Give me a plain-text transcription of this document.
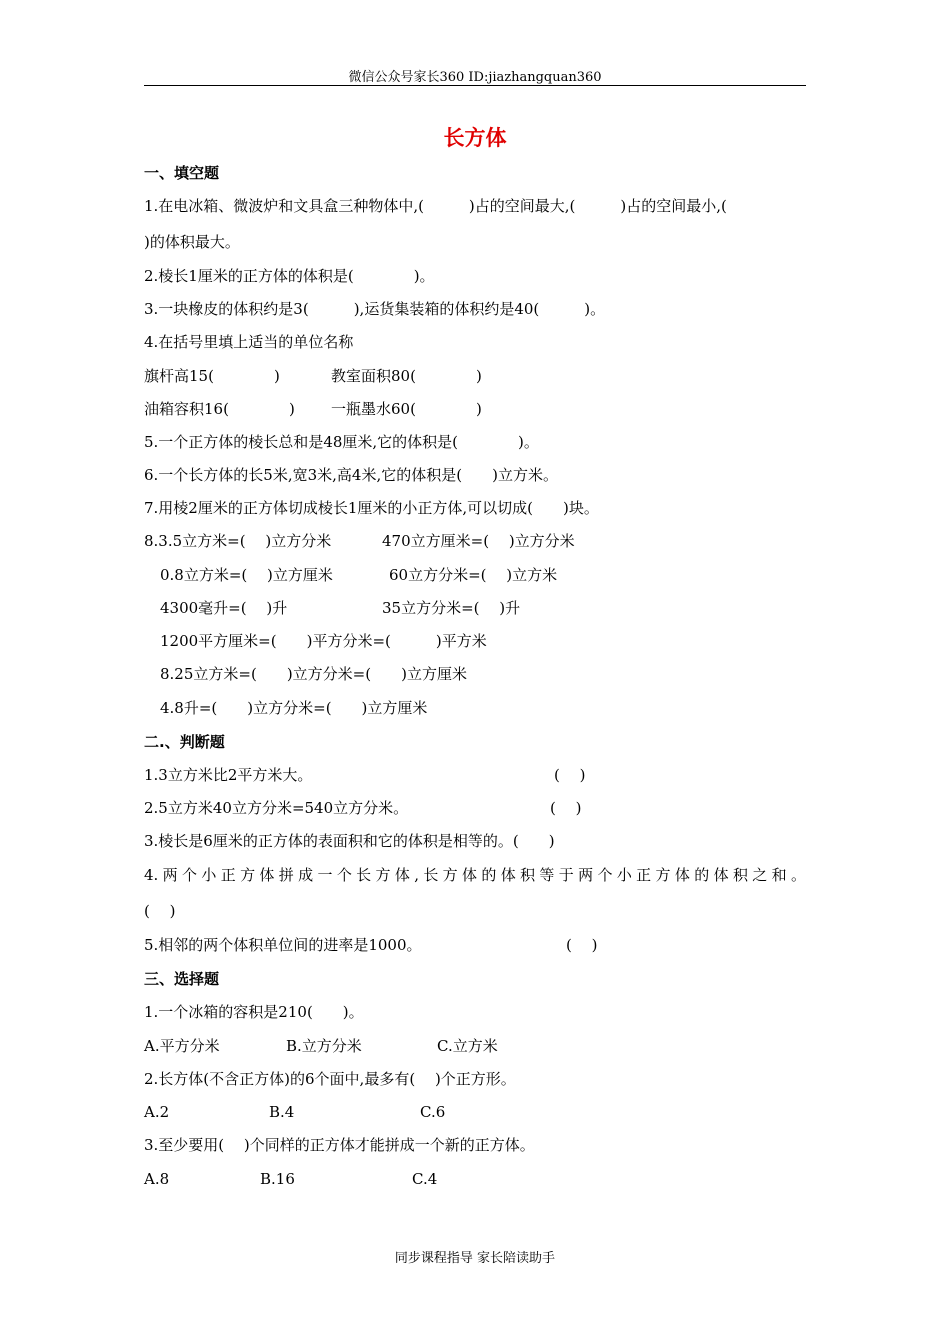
微信公众号家长360 ID:jiazhangquan360
长方体
一、填空题
1.在电冰箱、微波炉和文具盒三种物体中,(　　　)占的空间最大,(　　　)占的空间最小,(
)的体积最大。
2.棱长1厘米的正方体的体积是(　　　　)。
3.一块橡皮的体积约是3(　　　),运货集装箱的体积约是40(　　　)。
4.在括号里填上适当的单位名称
旗杆高15(　　　　)	教室面积80(　　　　)
油箱容积16(　　　　) 一瓶墨水60(　　　　)
5.一个正方体的棱长总和是48厘米,它的体积是(　　　　)。
6.一个长方体的长5米,宽3米,高4米,它的体积是(　　)立方米。
7.用棱2厘米的正方体切成棱长1厘米的小正方体,可以切成(　　)块。
8.3.5立方米=(　 )立方分米	470立方厘米=(　 )立方分米
0.8立方米=(　 )立方厘米	60立方分米=(　 )立方米
4300毫升=(　 )升	35立方分米=(　 )升
1200平方厘米=(　　)平方分米=(　　　)平方米
8.25立方米=(　　)立方分米=(　　)立方厘米
4.8升=(　　)立方分米=(　　)立方厘米
二.、判断题
1.3立方米比2平方米大。	(　 )
2.5立方米40立方分米=540立方分米。	(　 )
3.棱长是6厘米的正方体的表面积和它的体积是相等的。(　　)
4.两个小正方体拼成一个长方体,长方体的体积等于两个小正方体的体积之和。
(　 )
5.相邻的两个体积单位间的进率是1000。	(　 )
三、选择题
1.一个冰箱的容积是210(　　)。
A.平方分米	B.立方分米	C.立方米
2.长方体(不含正方体)的6个面中,最多有(　 )个正方形。
A.2	B.4	C.6
3.至少要用(　 )个同样的正方体才能拼成一个新的正方体。
A.8	B.16	C.4
同步课程指导 家长陪读助手
